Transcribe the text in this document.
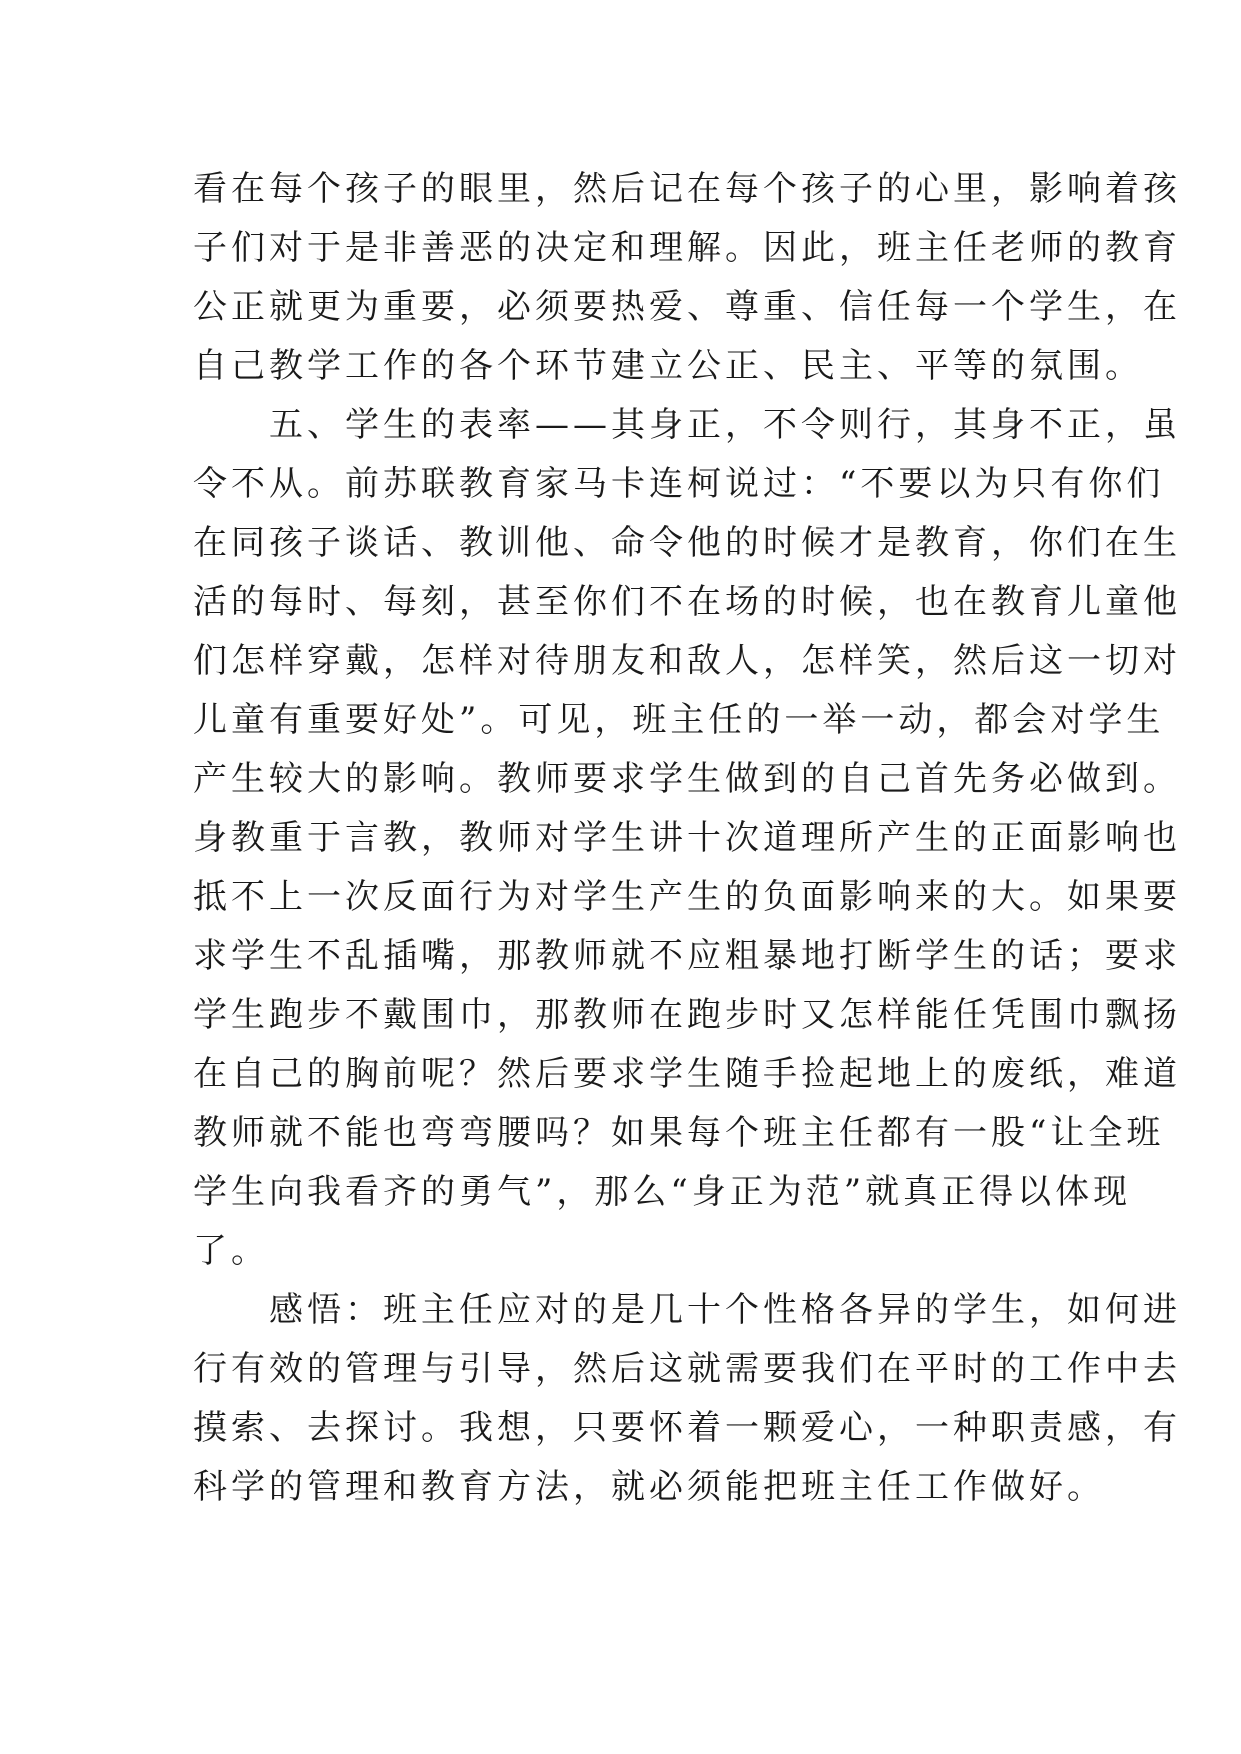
看在每个孩子的眼里，然后记在每个孩子的心里，影响着孩
子们对于是非善恶的决定和理解。因此，班主任老师的教育
公正就更为重要，必须要热爱、尊重、信任每一个学生，在
自己教学工作的各个环节建立公正、民主、平等的氛围。
　　五、学生的表率——其身正，不令则行，其身不正，虽
令不从。前苏联教育家马卡连柯说过：“不要以为只有你们
在同孩子谈话、教训他、命令他的时候才是教育，你们在生
活的每时、每刻，甚至你们不在场的时候，也在教育儿童他
们怎样穿戴，怎样对待朋友和敌人，怎样笑，然后这一切对
儿童有重要好处”。可见，班主任的一举一动，都会对学生
产生较大的影响。教师要求学生做到的自己首先务必做到。
身教重于言教，教师对学生讲十次道理所产生的正面影响也
抵不上一次反面行为对学生产生的负面影响来的大。如果要
求学生不乱插嘴，那教师就不应粗暴地打断学生的话；要求
学生跑步不戴围巾，那教师在跑步时又怎样能任凭围巾飘扬
在自己的胸前呢？然后要求学生随手捡起地上的废纸，难道
教师就不能也弯弯腰吗？如果每个班主任都有一股“让全班
学生向我看齐的勇气”，那么“身正为范”就真正得以体现
了。
　　感悟：班主任应对的是几十个性格各异的学生，如何进
行有效的管理与引导，然后这就需要我们在平时的工作中去
摸索、去探讨。我想，只要怀着一颗爱心，一种职责感，有
科学的管理和教育方法，就必须能把班主任工作做好。
